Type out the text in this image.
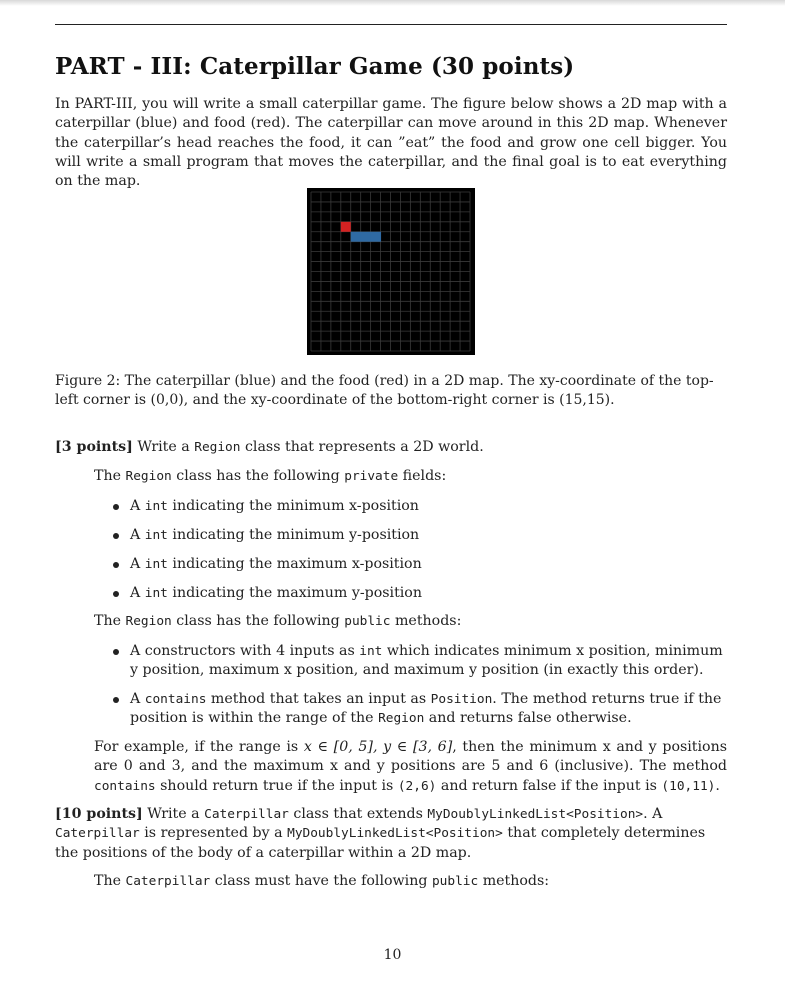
PART - III: Caterpillar Game (30 points)

In PART-III, you will write a small caterpillar game. The figure below shows a 2D map with a caterpillar (blue) and food (red). The caterpillar can move around in this 2D map. Whenever the caterpillar’s head reaches the food, it can ”eat” the food and grow one cell bigger. You will write a small program that moves the caterpillar, and the final goal is to eat everything on the map.

Figure 2: The caterpillar (blue) and the food (red) in a 2D map. The xy-coordinate of the top-left corner is (0,0), and the xy-coordinate of the bottom-right corner is (15,15).

[3 points] Write a Region class that represents a 2D world.

The Region class has the following private fields:

A int indicating the minimum x-position
A int indicating the minimum y-position
A int indicating the maximum x-position
A int indicating the maximum y-position

The Region class has the following public methods:

A constructors with 4 inputs as int which indicates minimum x position, minimum y position, maximum x position, and maximum y position (in exactly this order).
A contains method that takes an input as Position. The method returns true if the position is within the range of the Region and returns false otherwise.

For example, if the range is x ∈ [0, 5], y ∈ [3, 6], then the minimum x and y positions are 0 and 3, and the maximum x and y positions are 5 and 6 (inclusive). The method contains should return true if the input is (2,6) and return false if the input is (10,11).

[10 points] Write a Caterpillar class that extends MyDoublyLinkedList<Position>. A Caterpillar is represented by a MyDoublyLinkedList<Position> that completely determines the positions of the body of a caterpillar within a 2D map.

The Caterpillar class must have the following public methods:

10
